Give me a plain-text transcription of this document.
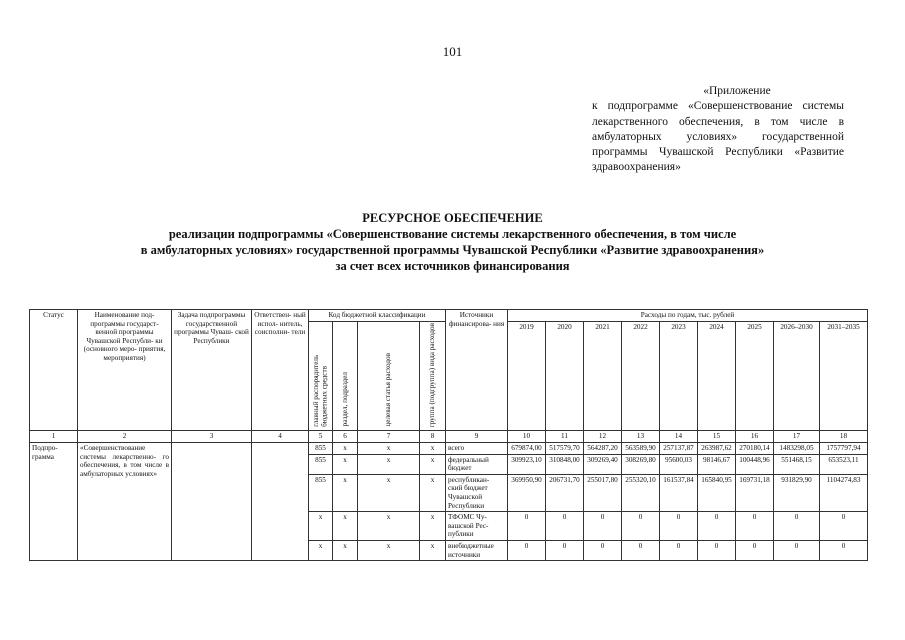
101
«Приложение
к подпрограмме «Совершенствование системы лекарственного обеспечения, в том числе в амбулаторных условиях» государственной программы Чувашской Республики «Развитие здравоохранения»
РЕСУРСНОЕ ОБЕСПЕЧЕНИЕ
реализации подпрограммы «Совершенствование системы лекарственного обеспечения, в том числе
в амбулаторных условиях» государственной программы Чувашской Республики «Развитие здравоохранения»
за счет всех источников финансирования
Статус	Наименование под- программы государст- венной программы Чувашской Республи- ки (основного меро- приятия, мероприятия)	Задача подпрограммы государственной программы Чуваш- ской Республики	Ответствен- ный испол- нитель, соисполни- тели	Код бюджетной классификации				Источники финансирова- ния	Расходы по годам, тыс. рублей								
				главный распорядитель бюджетных средств	раздел, подраздел	целевая статья расходов	группа (подгруппа) вида расходов		2019	2020	2021	2022	2023	2024	2025	2026–2030	2031–2035

1	2	3	4	5	6	7	8	9	10	11	12	13	14	15	16	17	18
Подпро- грамма	«Совершенствование системы лекарственно- го обеспечения, в том числе в амбулаторных условиях»			855	x	x	x	всего	679874,00	517579,70	564287,20	563589,90	257137,87	263987,62	270180,14	1483298,05	1757797,94
				855	x	x	x	федеральный бюджет	309923,10	310848,00	309269,40	308269,80	95600,03	98146,67	100448,96	551468,15	653523,11
				855	x	x	x	республикан- ский бюджет Чувашской Республики	369950,90	206731,70	255017,80	255320,10	161537,84	165840,95	169731,18	931829,90	1104274,83
				x	x	x	x	ТФОМС Чу- вашской Рес- публики	0	0	0	0	0	0	0	0	0
				x	x	x	x	внебюджетные источники	0	0	0	0	0	0	0	0	0
